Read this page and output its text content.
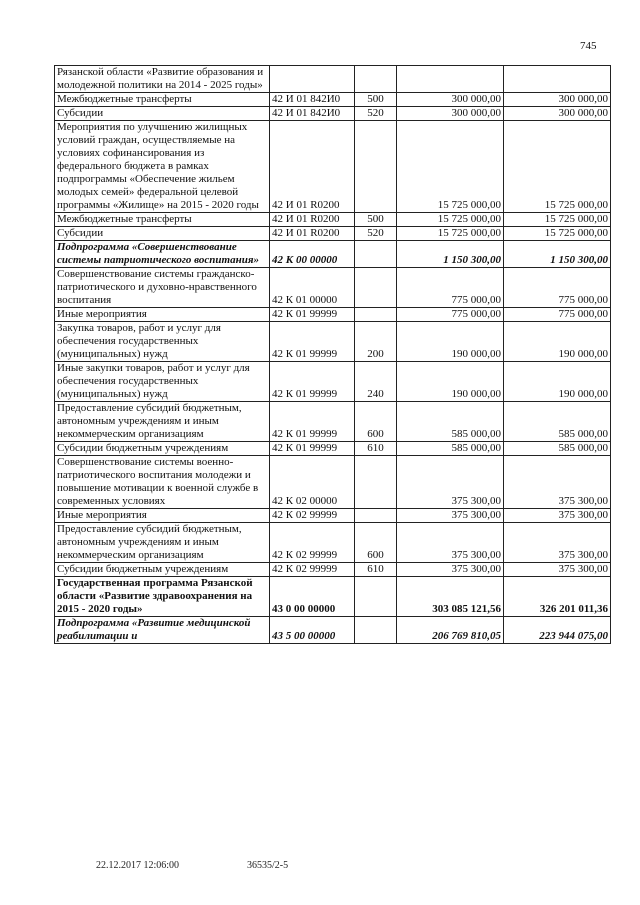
745
Рязанской области «Развитие образования и молодежной политики на 2014 - 2025 годы»				
Межбюджетные трансферты	42 И 01 842И0	500	300 000,00	300 000,00
Субсидии	42 И 01 842И0	520	300 000,00	300 000,00
Мероприятия по улучшению жилищных условий граждан, осуществляемые на условиях софинансирования из федерального бюджета в рамках подпрограммы «Обеспечение жильем молодых семей» федеральной целевой программы «Жилище» на 2015 - 2020 годы	42 И 01 R0200		15 725 000,00	15 725 000,00
Межбюджетные трансферты	42 И 01 R0200	500	15 725 000,00	15 725 000,00
Субсидии	42 И 01 R0200	520	15 725 000,00	15 725 000,00
Подпрограмма «Совершенствование системы патриотического воспитания»	42 К 00 00000		1 150 300,00	1 150 300,00
Совершенствование системы гражданско-патриотического и духовно-нравственного воспитания	42 К 01 00000		775 000,00	775 000,00
Иные мероприятия	42 К 01 99999		775 000,00	775 000,00
Закупка товаров, работ и услуг для обеспечения государственных (муниципальных) нужд	42 К 01 99999	200	190 000,00	190 000,00
Иные закупки товаров, работ и услуг для обеспечения государственных (муниципальных) нужд	42 К 01 99999	240	190 000,00	190 000,00
Предоставление субсидий бюджетным, автономным учреждениям и иным некоммерческим организациям	42 К 01 99999	600	585 000,00	585 000,00
Субсидии бюджетным учреждениям	42 К 01 99999	610	585 000,00	585 000,00
Совершенствование системы военно-патриотического воспитания молодежи и повышение мотивации к военной службе в современных условиях	42 К 02 00000		375 300,00	375 300,00
Иные мероприятия	42 К 02 99999		375 300,00	375 300,00
Предоставление субсидий бюджетным, автономным учреждениям и иным некоммерческим организациям	42 К 02 99999	600	375 300,00	375 300,00
Субсидии бюджетным учреждениям	42 К 02 99999	610	375 300,00	375 300,00
Государственная программа Рязанской области «Развитие здравоохранения на 2015 - 2020 годы»	43 0 00 00000		303 085 121,56	326 201 011,36
Подпрограмма «Развитие медицинской реабилитации и	43 5 00 00000		206 769 810,05	223 944 075,00
22.12.2017 12:06:00	36535/2-5
